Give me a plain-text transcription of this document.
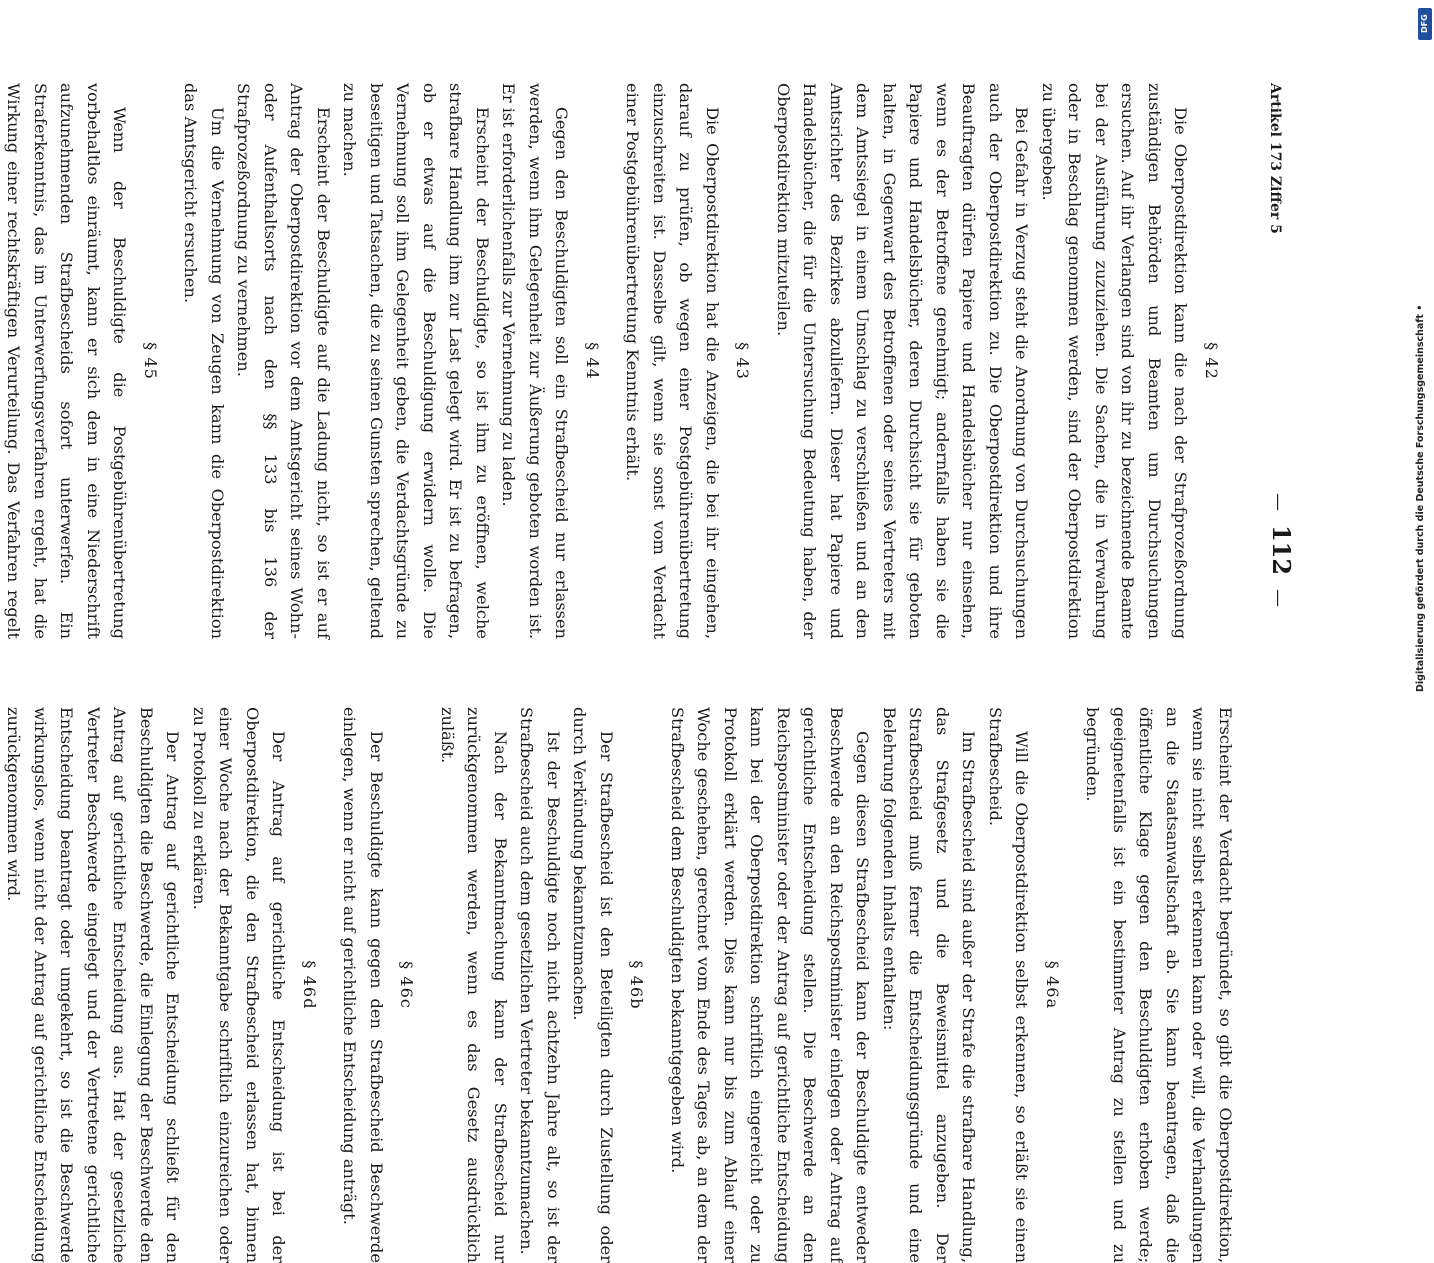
Artikel 173 Ziffer 5
—112—
§ 42

Die Oberpostdirektion kann die nach der Strafprozeßordnung zuständigen Behörden und Beamten um Durchsuchungen ersuchen. Auf ihr Verlangen sind von ihr zu bezeichnende Beamte bei der Ausführung zuzuziehen. Die Sachen, die in Verwahrung oder in Beschlag genommen werden, sind der Oberpostdirektion zu übergeben.

Bei Gefahr in Verzug steht die Anordnung von Durchsuchungen auch der Oberpostdirektion zu. Die Oberpostdirektion und ihre Beauftragten dürfen Papiere und Handelsbücher nur einsehen, wenn es der Betroffene genehmigt; andernfalls haben sie die Papiere und Handelsbücher, deren Durchsicht sie für geboten halten, in Gegenwart des Betroffenen oder seines Vertreters mit dem Amtssiegel in einem Umschlag zu verschließen und an den Amtsrichter des Bezirkes abzuliefern. Dieser hat Papiere und Handelsbücher, die für die Untersuchung Bedeutung haben, der Oberpostdirektion mitzuteilen.

§ 43

Die Oberpostdirektion hat die Anzeigen, die bei ihr eingehen, darauf zu prüfen, ob wegen einer Postgebührenübertretung einzuschreiten ist. Dasselbe gilt, wenn sie sonst vom Verdacht einer Postgebührenübertretung Kenntnis erhält.

§ 44

Gegen den Beschuldigten soll ein Strafbescheid nur erlassen werden, wenn ihm Gelegenheit zur Äußerung geboten worden ist. Er ist erforderlichenfalls zur Vernehmung zu laden.

Erscheint der Beschuldigte, so ist ihm zu eröffnen, welche strafbare Handlung ihm zur Last gelegt wird. Er ist zu befragen, ob er etwas auf die Beschuldigung erwidern wolle. Die Vernehmung soll ihm Gelegenheit geben, die Verdachtsgründe zu beseitigen und Tatsachen, die zu seinen Gunsten sprechen, geltend zu machen.

Erscheint der Beschuldigte auf die Ladung nicht, so ist er auf Antrag der Oberpostdirektion vor dem Amtsgericht seines Wohn- oder Aufenthaltsorts nach den §§ 133 bis 136 der Strafprozeßordnung zu vernehmen.

Um die Vernehmung von Zeugen kann die Oberpostdirektion das Amtsgericht ersuchen.

§ 45

Wenn der Beschuldigte die Postgebührenübertretung vorbehaltlos einräumt, kann er sich dem in eine Niederschrift aufzunehmenden Strafbescheids sofort unterwerfen. Ein Straferkenntnis, das im Unterwerfungsverfahren ergeht, hat die Wirkung einer rechtskräftigen Verurteilung. Das Verfahren regelt

Erscheint der Verdacht begründet, so gibt die Oberpostdirektion, wenn sie nicht selbst erkennen kann oder will, die Verhandlungen an die Staatsanwaltschaft ab. Sie kann beantragen, daß die öffentliche Klage gegen den Beschuldigten erhoben werde; geeignetenfalls ist ein bestimmter Antrag zu stellen und zu begründen.

§ 46a

Will die Oberpostdirektion selbst erkennen, so erläßt sie einen Strafbescheid.

Im Strafbescheid sind außer der Strafe die strafbare Handlung, das Strafgesetz und die Beweismittel anzugeben. Der Strafbescheid muß ferner die Entscheidungsgründe und eine Belehrung folgenden Inhalts enthalten:

Gegen diesen Strafbescheid kann der Beschuldigte entweder Beschwerde an den Reichspostminister einlegen oder Antrag auf gerichtliche Entscheidung stellen. Die Beschwerde an den Reichspostminister oder der Antrag auf gerichtliche Entscheidung kann bei der Oberpostdirektion schriftlich eingereicht oder zu Protokoll erklärt werden. Dies kann nur bis zum Ablauf einer Woche geschehen, gerechnet vom Ende des Tages ab, an dem der Strafbescheid dem Beschuldigten bekanntgegeben wird.

§ 46b

Der Strafbescheid ist den Beteiligten durch Zustellung oder durch Verkündung bekanntzumachen.

Ist der Beschuldigte noch nicht achtzehn Jahre alt, so ist der Strafbescheid auch dem gesetzlichen Vertreter bekanntzumachen.

Nach der Bekanntmachung kann der Strafbescheid nur zurückgenommen werden, wenn es das Gesetz ausdrücklich zuläßt.

§ 46c

Der Beschuldigte kann gegen den Strafbescheid Beschwerde einlegen, wenn er nicht auf gerichtliche Entscheidung anträgt.

§ 46d

Der Antrag auf gerichtliche Entscheidung ist bei der Oberpostdirektion, die den Strafbescheid erlassen hat, binnen einer Woche nach der Bekanntgabe schriftlich einzureichen oder zu Protokoll zu erklären.

Der Antrag auf gerichtliche Entscheidung schließt für den Beschuldigten die Beschwerde, die Einlegung der Beschwerde den Antrag auf gerichtliche Entscheidung aus. Hat der gesetzliche Vertreter Beschwerde eingelegt und der Vertretene gerichtliche Entscheidung beantragt oder umgekehrt, so ist die Beschwerde wirkungslos, wenn nicht der Antrag auf gerichtliche Entscheidung zurückgenommen wird.

Digitalisierung gefördert durch die Deutsche Forschungsgemeinschaft •
DFG
